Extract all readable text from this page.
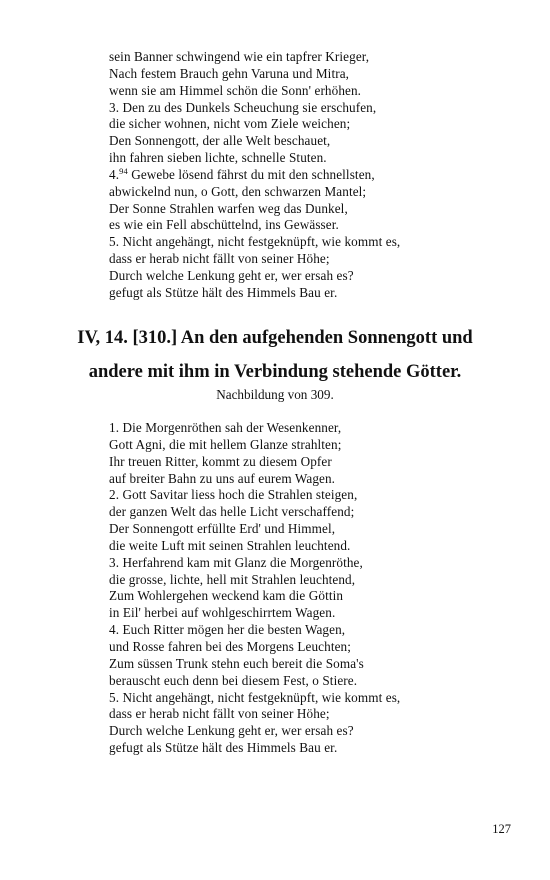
sein Banner schwingend wie ein tapfrer Krieger,
Nach festem Brauch gehn Varuna und Mitra,
wenn sie am Himmel schön die Sonn' erhöhen.
3. Den zu des Dunkels Scheuchung sie erschufen,
die sicher wohnen, nicht vom Ziele weichen;
Den Sonnengott, der alle Welt beschauet,
ihn fahren sieben lichte, schnelle Stuten.
4.94 Gewebe lösend fährst du mit den schnellsten,
abwickelnd nun, o Gott, den schwarzen Mantel;
Der Sonne Strahlen warfen weg das Dunkel,
es wie ein Fell abschüttelnd, ins Gewässer.
5. Nicht angehängt, nicht festgeknüpft, wie kommt es,
dass er herab nicht fällt von seiner Höhe;
Durch welche Lenkung geht er, wer ersah es?
gefugt als Stütze hält des Himmels Bau er.
IV, 14. [310.] An den aufgehenden Sonnengott und
andere mit ihm in Verbindung stehende Götter.
Nachbildung von 309.
1. Die Morgenröthen sah der Wesenkenner,
Gott Agni, die mit hellem Glanze strahlten;
Ihr treuen Ritter, kommt zu diesem Opfer
auf breiter Bahn zu uns auf eurem Wagen.
2. Gott Savitar liess hoch die Strahlen steigen,
der ganzen Welt das helle Licht verschaffend;
Der Sonnengott erfüllte Erd' und Himmel,
die weite Luft mit seinen Strahlen leuchtend.
3. Herfahrend kam mit Glanz die Morgenröthe,
die grosse, lichte, hell mit Strahlen leuchtend,
Zum Wohlergehen weckend kam die Göttin
in Eil' herbei auf wohlgeschirrtem Wagen.
4. Euch Ritter mögen her die besten Wagen,
und Rosse fahren bei des Morgens Leuchten;
Zum süssen Trunk stehn euch bereit die Soma's
berauscht euch denn bei diesem Fest, o Stiere.
5. Nicht angehängt, nicht festgeknüpft, wie kommt es,
dass er herab nicht fällt von seiner Höhe;
Durch welche Lenkung geht er, wer ersah es?
gefugt als Stütze hält des Himmels Bau er.
127
